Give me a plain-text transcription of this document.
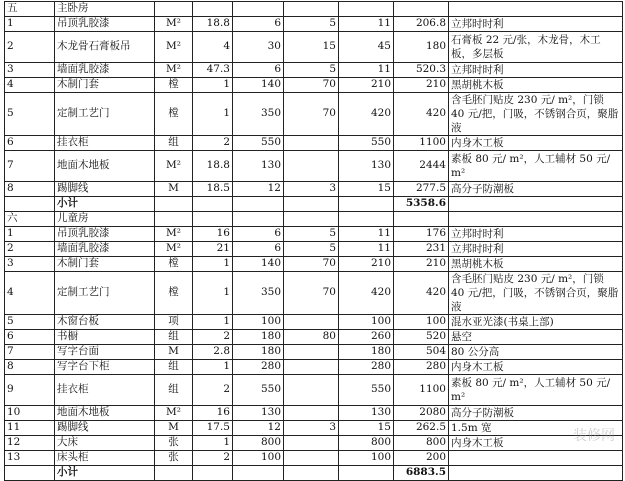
五	主卧房							
1	吊顶乳胶漆	M²	18.8	6	5	11	206.8	立邦时时利
2	木龙骨石膏板吊	M²	4	30	15	45	180	石膏板 22 元/张，木龙骨，木工板，多层板
3	墙面乳胶漆	M²	47.3	6	5	11	520.3	立邦时时利
4	木制门套	樘	1	140	70	210	210	黑胡桃木板
5	定制工艺门	樘	1	350	70	420	420	含毛胚门贴皮 230 元/ m²，门锁 40 元/把，门吸，不锈钢合页，聚脂液
6	挂衣柜	组	2	550		550	1100	内身木工板
7	地面木地板	M²	18.8	130		130	2444	素板 80 元/ m²，人工辅材 50 元/ m²
8	踢脚线	M	18.5	12	3	15	277.5	高分子防潮板
	小计						5358.6	
六	儿童房							
1	吊顶乳胶漆	M²	16	6	5	11	176	立邦时时利
2	墙面乳胶漆	M²	21	6	5	11	231	立邦时时利
3	木制门套	樘	1	140	70	210	210	黑胡桃木板
4	定制工艺门	樘	1	350	70	420	420	含毛胚门贴皮 230 元/ m²，门锁 40 元/把，门吸，不锈钢合页，聚脂液
5	木窗台板	项	1	100		100	100	混水亚光漆(书桌上部)
6	书橱	组	2	180	80	260	520	悬空
7	写字台面	M	2.8	180		180	504	80 公分高
8	写字台下柜	组	1	280		280	280	内身木工板
9	挂衣柜	组	2	550		550	1100	素板 80 元/ m²，人工辅材 50 元/ m²
10	地面木地板	M²	16	130		130	2080	高分子防潮板
11	踢脚线	M	17.5	12	3	15	262.5	1.5m 宽
12	大床	张	1	800		800	800	内身木工板
13	床头柜	张	2	100		100	200	
	小计						6883.5	
装修网
